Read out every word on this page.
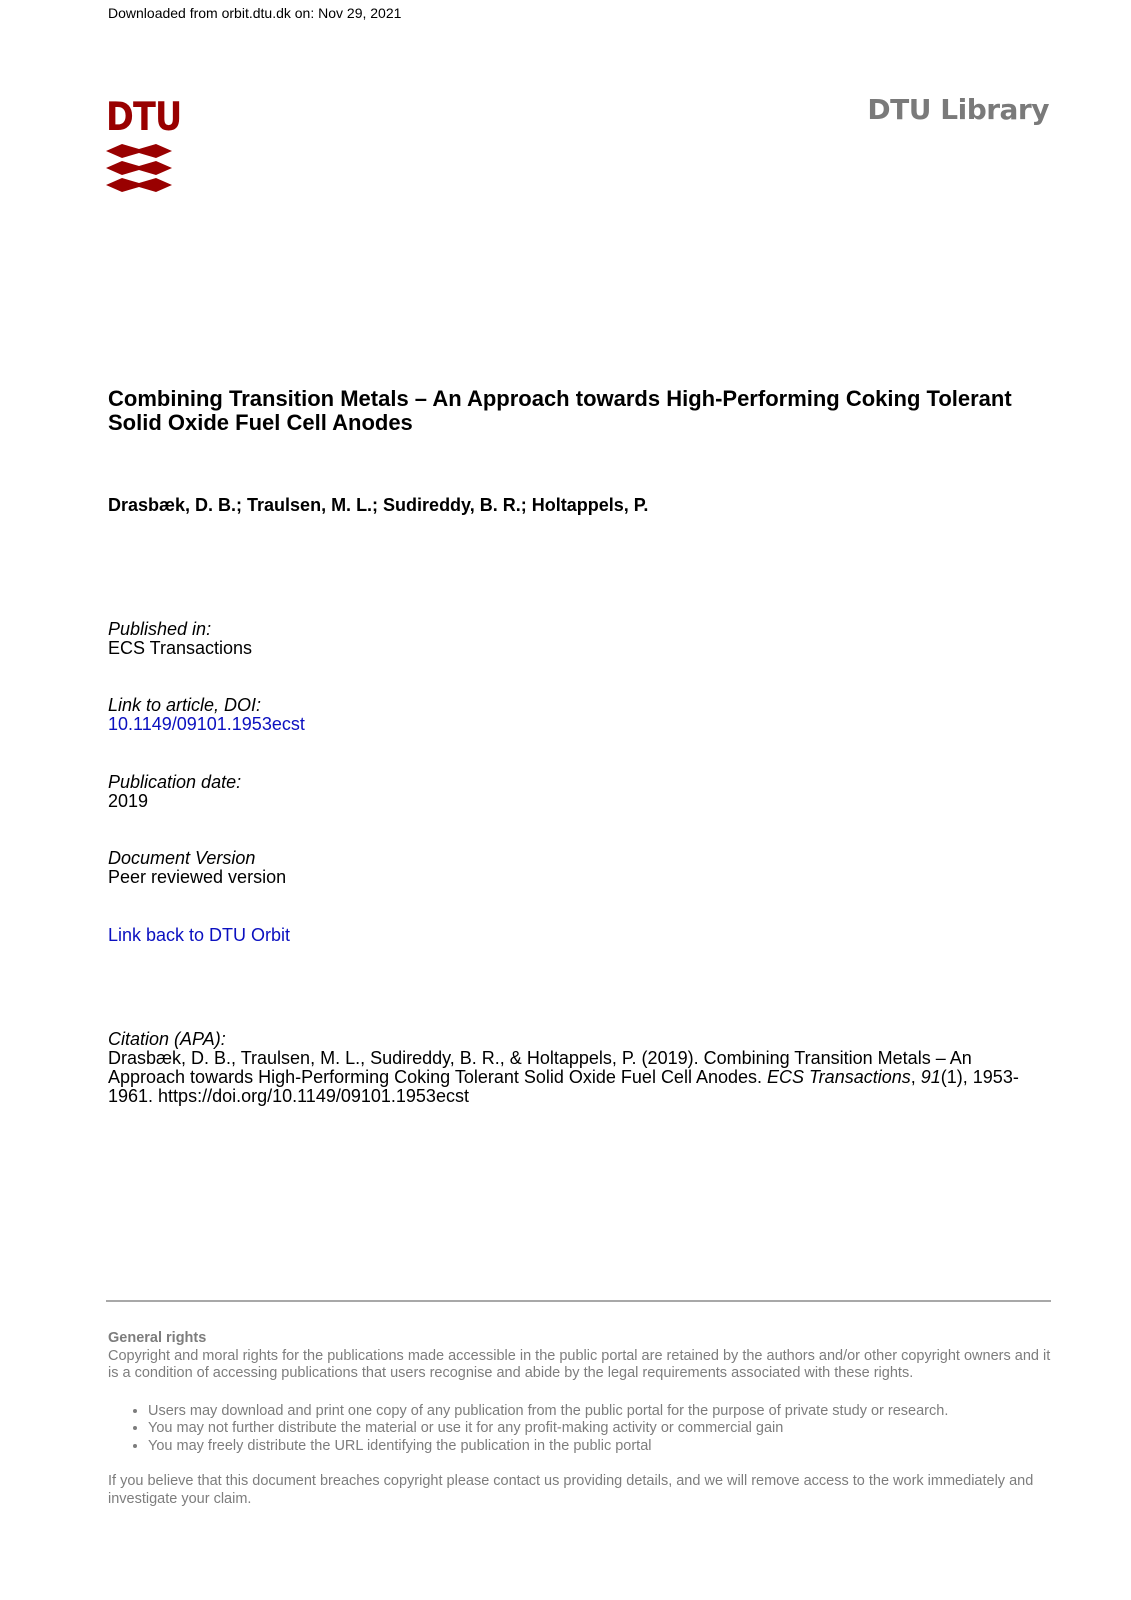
Downloaded from orbit.dtu.dk on: Nov 29, 2021
DTU	DTU Library
Combining Transition Metals – An Approach towards High-Performing Coking Tolerant Solid Oxide Fuel Cell Anodes
Drasbæk, D. B.; Traulsen, M. L.; Sudireddy, B. R.; Holtappels, P.
Published in:
ECS Transactions
Link to article, DOI:
10.1149/09101.1953ecst
Publication date:
2019
Document Version
Peer reviewed version
Link back to DTU Orbit
Citation (APA):
Drasbæk, D. B., Traulsen, M. L., Sudireddy, B. R., & Holtappels, P. (2019). Combining Transition Metals – An Approach towards High-Performing Coking Tolerant Solid Oxide Fuel Cell Anodes. ECS Transactions, 91(1), 1953-1961. https://doi.org/10.1149/09101.1953ecst
General rights
Copyright and moral rights for the publications made accessible in the public portal are retained by the authors and/or other copyright owners and it is a condition of accessing publications that users recognise and abide by the legal requirements associated with these rights.
• Users may download and print one copy of any publication from the public portal for the purpose of private study or research.
• You may not further distribute the material or use it for any profit-making activity or commercial gain
• You may freely distribute the URL identifying the publication in the public portal
If you believe that this document breaches copyright please contact us providing details, and we will remove access to the work immediately and investigate your claim.
